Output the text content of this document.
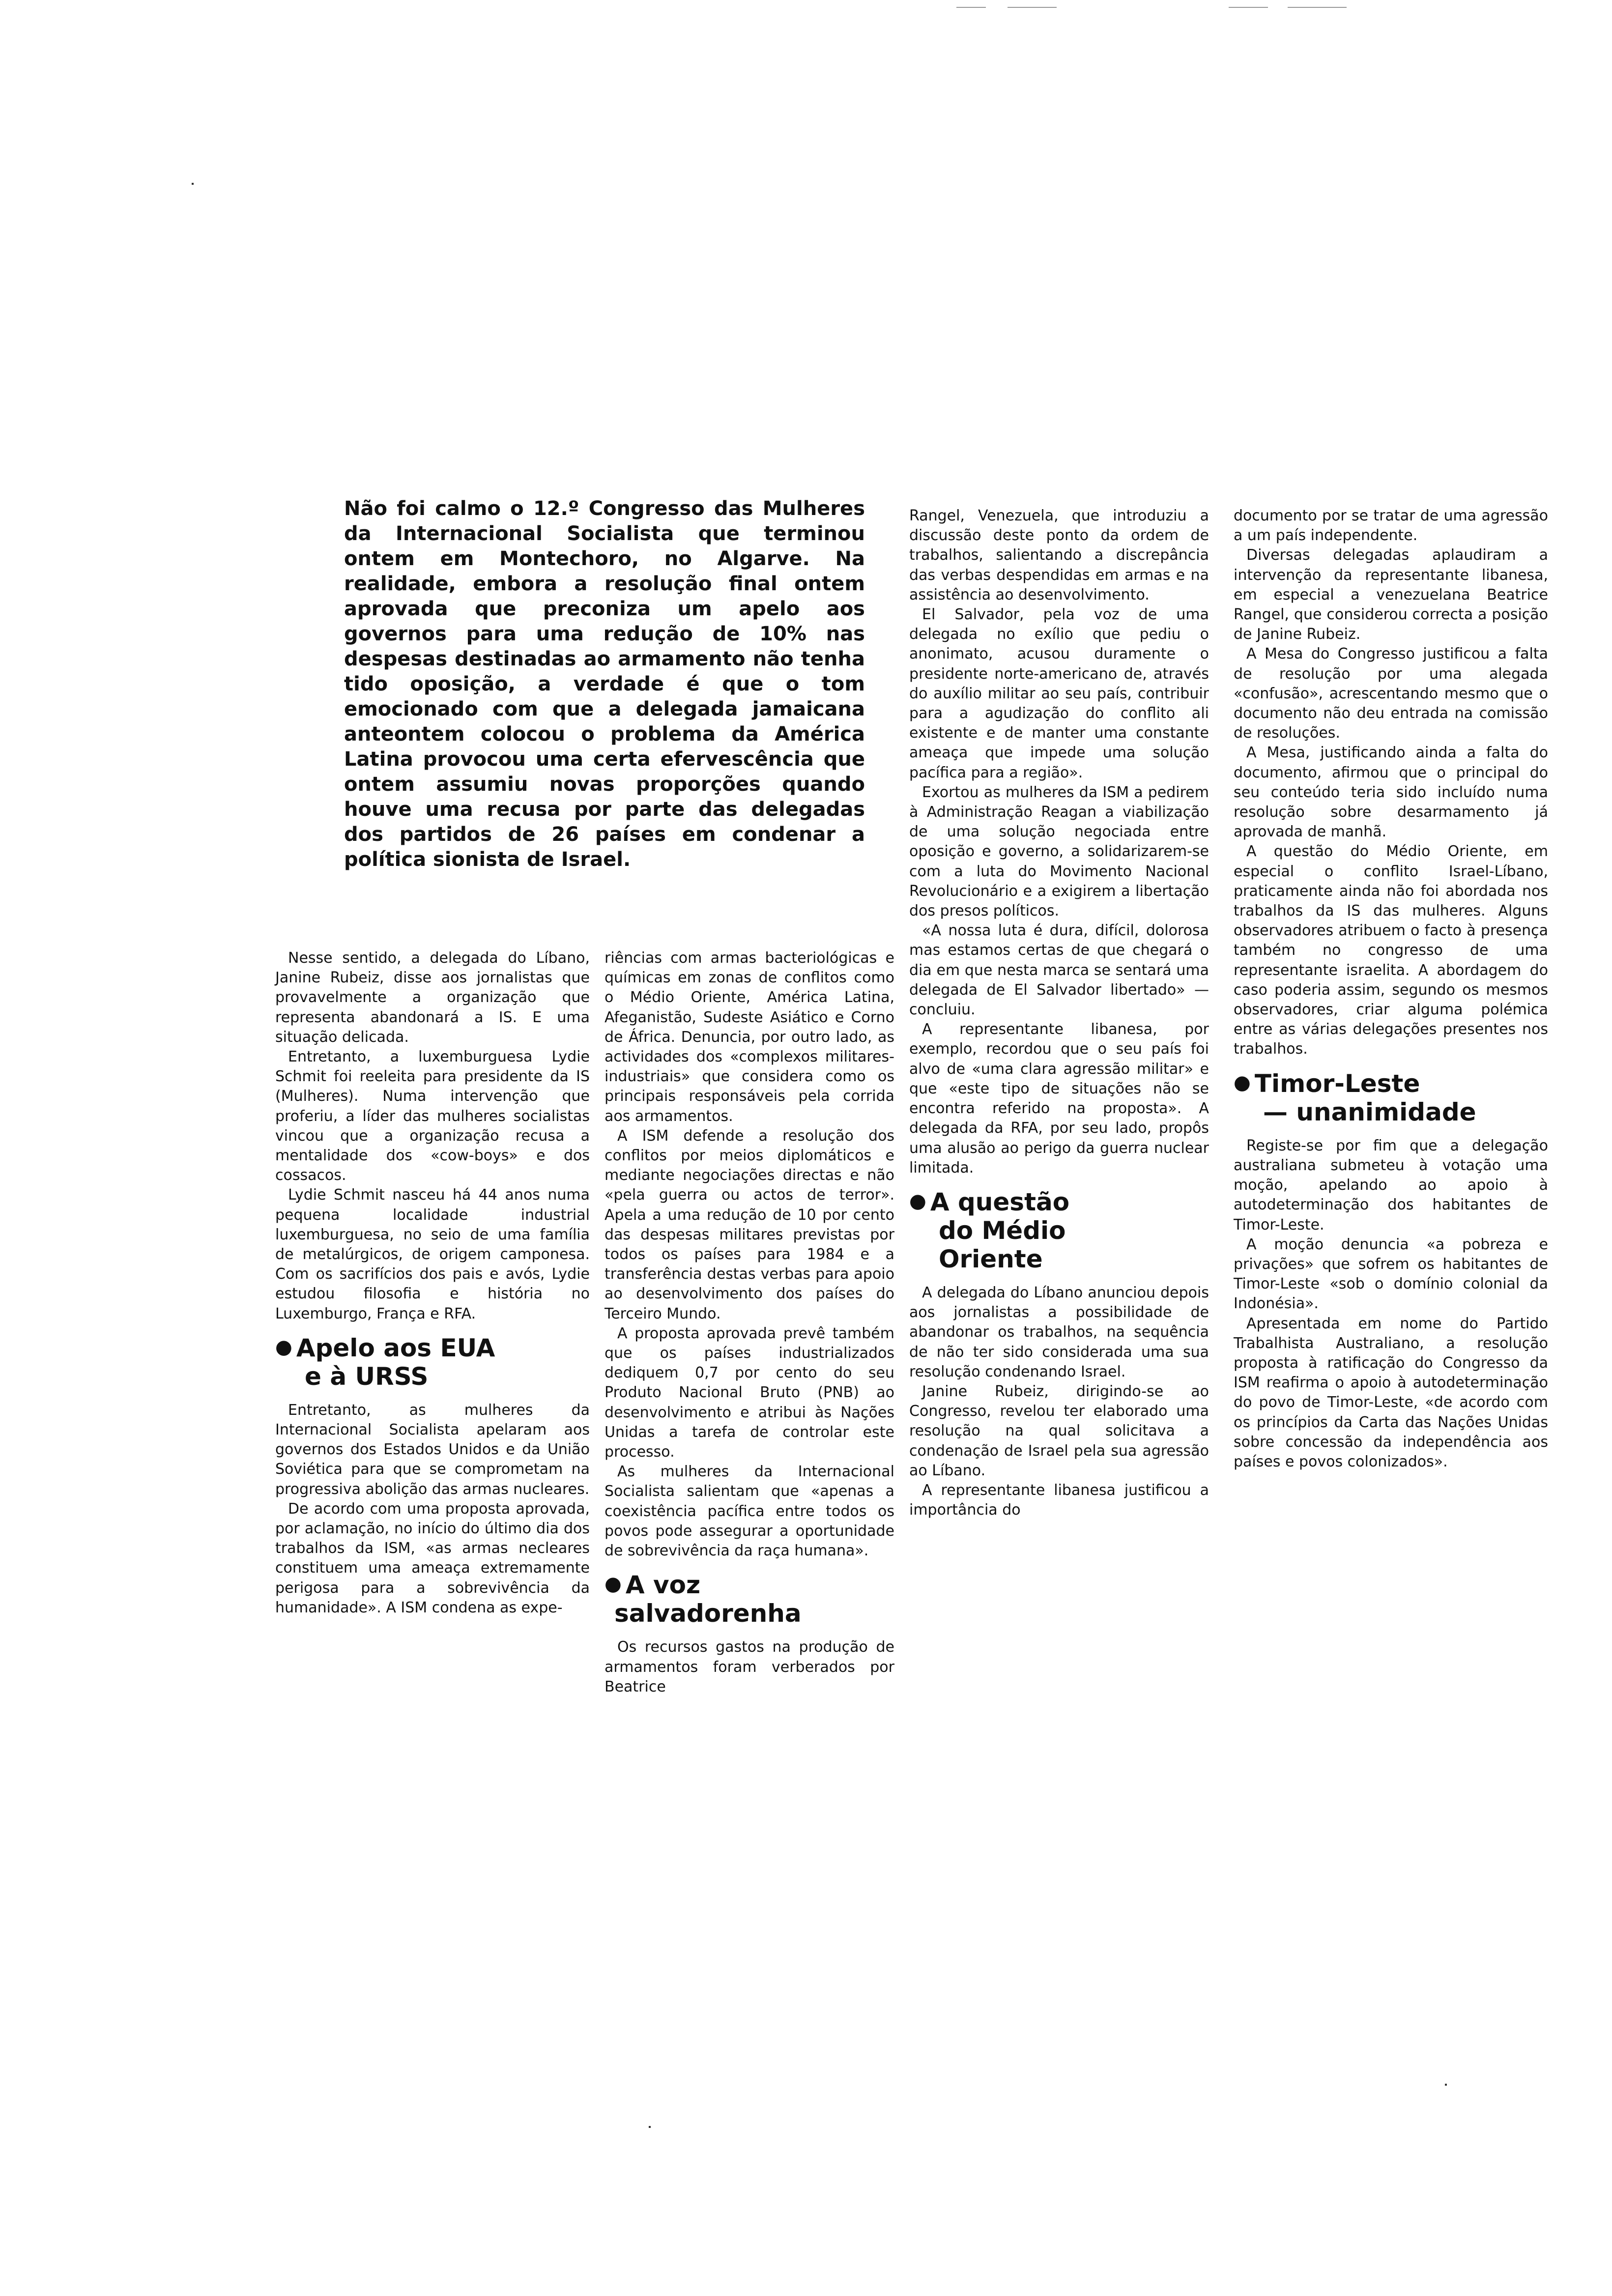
Não foi calmo o 12.º Congresso das Mulheres da Internacional Socialista que terminou ontem em Montechoro, no Algarve. Na realidade, embora a resolução final ontem aprovada que preconiza um apelo aos governos para uma redução de 10% nas despesas destinadas ao armamento não tenha tido oposição, a verdade é que o tom emocionado com que a delegada jamaicana anteontem colocou o problema da América Latina provocou uma certa efervescência que ontem assumiu novas proporções quando houve uma recusa por parte das delegadas dos partidos de 26 países em condenar a política sionista de Israel.

Nesse sentido, a delegada do Líbano, Janine Rubeiz, disse aos jornalistas que provavelmente a organização que representa abandonará a IS. E uma situação delicada.

Entretanto, a luxemburguesa Lydie Schmit foi reeleita para presidente da IS (Mulheres). Numa intervenção que proferiu, a líder das mulheres socialistas vincou que a organização recusa a mentalidade dos «cow-boys» e dos cossacos.

Lydie Schmit nasceu há 44 anos numa pequena localidade industrial luxemburguesa, no seio de uma família de metalúrgicos, de origem camponesa. Com os sacrifícios dos pais e avós, Lydie estudou filosofia e história no Luxemburgo, França e RFA.

● Apelo aos EUA
e à URSS

Entretanto, as mulheres da Internacional Socialista apelaram aos governos dos Estados Unidos e da União Soviética para que se comprometam na progressiva abolição das armas nucleares.

De acordo com uma proposta aprovada, por aclamação, no início do último dia dos trabalhos da ISM, «as armas necleares constituem uma ameaça extremamente perigosa para a sobrevivência da humanidade». A ISM condena as expe-

riências com armas bacteriológicas e químicas em zonas de conflitos como o Médio Oriente, América Latina, Afeganistão, Sudeste Asiático e Corno de África. Denuncia, por outro lado, as actividades dos «complexos militares-industriais» que considera como os principais responsáveis pela corrida aos armamentos.

A ISM defende a resolução dos conflitos por meios diplomáticos e mediante negociações directas e não «pela guerra ou actos de terror». Apela a uma redução de 10 por cento das despesas militares previstas por todos os países para 1984 e a transferência destas verbas para apoio ao desenvolvimento dos países do Terceiro Mundo.

A proposta aprovada prevê também que os países industrializados dediquem 0,7 por cento do seu Produto Nacional Bruto (PNB) ao desenvolvimento e atribui às Nações Unidas a tarefa de controlar este processo.

As mulheres da Internacional Socialista salientam que «apenas a coexistência pacífica entre todos os povos pode assegurar a oportunidade de sobrevivência da raça humana».

● A voz
salvadorenha

Os recursos gastos na produção de armamentos foram verberados por Beatrice

Rangel, Venezuela, que introduziu a discussão deste ponto da ordem de trabalhos, salientando a discrepância das verbas despendidas em armas e na assistência ao desenvolvimento.

El Salvador, pela voz de uma delegada no exílio que pediu o anonimato, acusou duramente o presidente norte-americano de, através do auxílio militar ao seu país, contribuir para a agudização do conflito ali existente e de manter uma constante ameaça que impede uma solução pacífica para a região».

Exortou as mulheres da ISM a pedirem à Administração Reagan a viabilização de uma solução negociada entre oposição e governo, a solidarizarem-se com a luta do Movimento Nacional Revolucionário e a exigirem a libertação dos presos políticos.

«A nossa luta é dura, difícil, dolorosa mas estamos certas de que chegará o dia em que nesta marca se sentará uma delegada de El Salvador libertado» — concluiu.

A representante libanesa, por exemplo, recordou que o seu país foi alvo de «uma clara agressão militar» e que «este tipo de situações não se encontra referido na proposta». A delegada da RFA, por seu lado, propôs uma alusão ao perigo da guerra nuclear limitada.

● A questão
do Médio
Oriente

A delegada do Líbano anunciou depois aos jornalistas a possibilidade de abandonar os trabalhos, na sequência de não ter sido considerada uma sua resolução condenando Israel.

Janine Rubeiz, dirigindo-se ao Congresso, revelou ter elaborado uma resolução na qual solicitava a condenação de Israel pela sua agressão ao Líbano.

A representante libanesa justificou a importância do

documento por se tratar de uma agressão a um país independente.

Diversas delegadas aplaudiram a intervenção da representante libanesa, em especial a venezuelana Beatrice Rangel, que considerou correcta a posição de Janine Rubeiz.

A Mesa do Congresso justificou a falta de resolução por uma alegada «confusão», acrescentando mesmo que o documento não deu entrada na comissão de resoluções.

A Mesa, justificando ainda a falta do documento, afirmou que o principal do seu conteúdo teria sido incluído numa resolução sobre desarmamento já aprovada de manhã.

A questão do Médio Oriente, em especial o conflito Israel-Líbano, praticamente ainda não foi abordada nos trabalhos da IS das mulheres. Alguns observadores atribuem o facto à presença também no congresso de uma representante israelita. A abordagem do caso poderia assim, segundo os mesmos observadores, criar alguma polémica entre as várias delegações presentes nos trabalhos.

● Timor-Leste
— unanimidade

Registe-se por fim que a delegação australiana submeteu à votação uma moção, apelando ao apoio à autodeterminação dos habitantes de Timor-Leste.

A moção denuncia «a pobreza e privações» que sofrem os habitantes de Timor-Leste «sob o domínio colonial da Indonésia».

Apresentada em nome do Partido Trabalhista Australiano, a resolução proposta à ratificação do Congresso da ISM reafirma o apoio à autodeterminação do povo de Timor-Leste, «de acordo com os princípios da Carta das Nações Unidas sobre concessão da independência aos países e povos colonizados».
